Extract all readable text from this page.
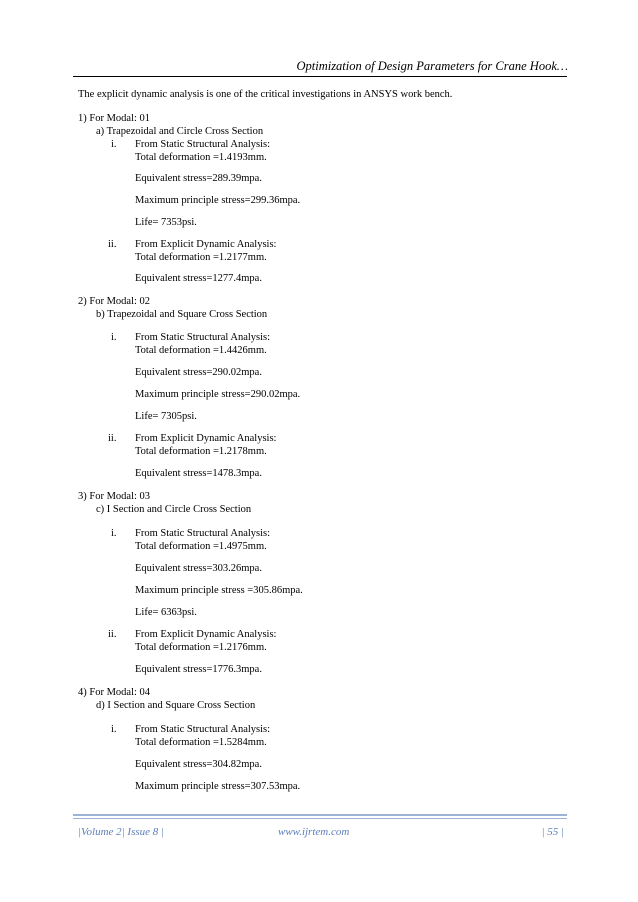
Optimization of Design Parameters for Crane Hook…
The explicit dynamic analysis is one of the critical investigations in ANSYS work bench.
1) For Modal: 01
a) Trapezoidal and Circle Cross Section
i. From Static Structural Analysis:
Total deformation =1.4193mm.
Equivalent stress=289.39mpa.
Maximum principle stress=299.36mpa.
Life= 7353psi.
ii. From Explicit Dynamic Analysis:
Total deformation =1.2177mm.
Equivalent stress=1277.4mpa.
2) For Modal: 02
b) Trapezoidal and Square Cross Section
i. From Static Structural Analysis:
Total deformation =1.4426mm.
Equivalent stress=290.02mpa.
Maximum principle stress=290.02mpa.
Life= 7305psi.
ii. From Explicit Dynamic Analysis:
Total deformation =1.2178mm.
Equivalent stress=1478.3mpa.
3) For Modal: 03
c) I Section and Circle Cross Section
i. From Static Structural Analysis:
Total deformation =1.4975mm.
Equivalent stress=303.26mpa.
Maximum principle stress =305.86mpa.
Life= 6363psi.
ii. From Explicit Dynamic Analysis:
Total deformation =1.2176mm.
Equivalent stress=1776.3mpa.
4) For Modal: 04
d) I Section and Square Cross Section
i. From Static Structural Analysis:
Total deformation =1.5284mm.
Equivalent stress=304.82mpa.
Maximum principle stress=307.53mpa.
|Volume 2| Issue 8 |	www.ijrtem.com	| 55 |
